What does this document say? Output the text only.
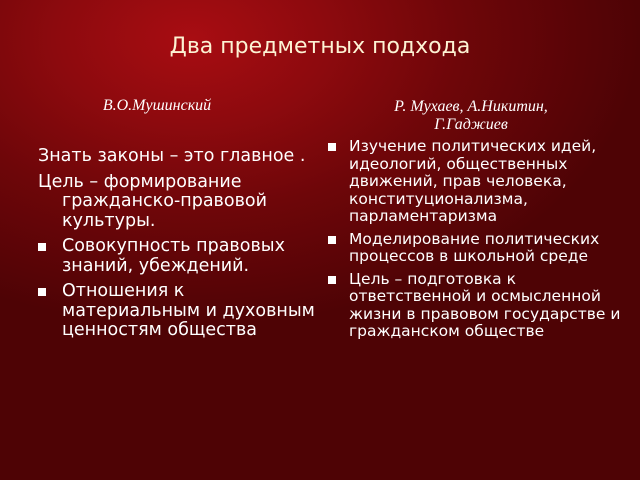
Два предметных подхода
В.О.Мушинский	Р. Мухаев, А.Никитин,
Г.Гаджиев
Знать законы – это главное .
Цель – формирование гражданско-правовой культуры.
Совокупность правовых знаний, убеждений.
Отношения к материальным и духовным ценностям общества
Изучение политических идей, идеологий, общественных движений, прав человека, конституционализма, парламентаризма
Моделирование политических процессов в школьной среде
Цель – подготовка к ответственной и осмысленной жизни в правовом государстве и гражданском обществе
